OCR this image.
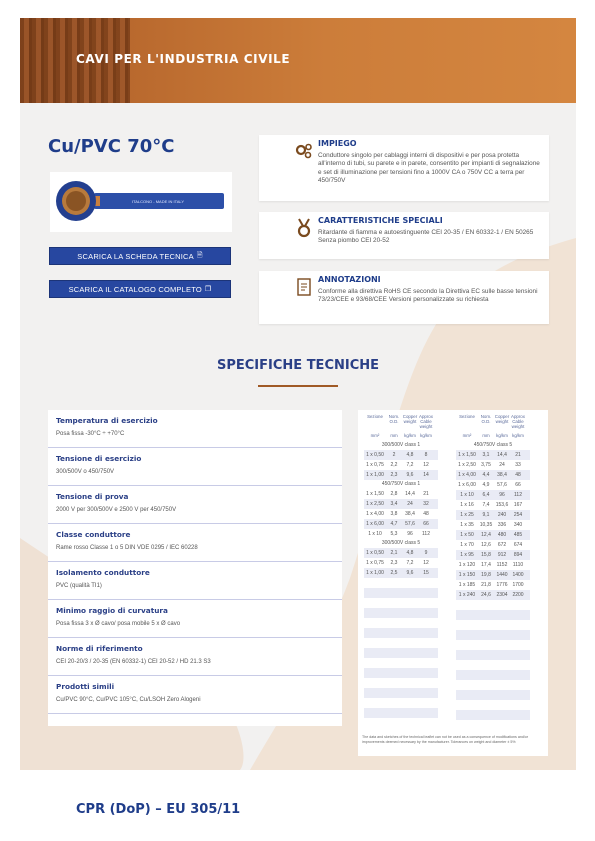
CAVI PER L'INDUSTRIA CIVILE
Cu/PVC 70°C
ITALCONO - MADE IN ITALY
SCARICA LA SCHEDA TECNICA 🗎
SCARICA IL CATALOGO COMPLETO ❐
IMPIEGO
Conduttore singolo per cablaggi interni di dispositivi e per posa protetta all'interno di tubi, su parete e in parete, consentito per impianti di segnalazione e set di illuminazione per tensioni fino a 1000V CA o 750V CC a terra per 450/750V
CARATTERISTICHE SPECIALI
Ritardante di fiamma e autoestinguente CEI 20-35 / EN 60332-1 / EN 50265 Senza piombo CEI 20-52
ANNOTAZIONI
Conforme alla direttiva RoHS CE secondo la Direttiva EC sulle basse tensioni 73/23/CEE e 93/68/CEE Versioni personalizzate su richiesta
SPECIFICHE TECNICHE
Temperatura di esercizio
Posa fissa -30°C ÷ +70°C
Tensione di esercizio
300/500V o 450/750V
Tensione di prova
2000 V per 300/500V e 2500 V per 450/750V
Classe conduttore
Rame rosso Classe 1 o 5 DIN VDE 0295 / IEC 60228
Isolamento conduttore
PVC (qualità TI1)
Minimo raggio di curvatura
Posa fissa 3 x Ø cavo/ posa mobile 5 x Ø cavo
Norme di riferimento
CEI 20-20/3 / 20-35 (EN 60332-1) CEI 20-52 / HD 21.3 S3
Prodotti simili
Cu/PVC 90°C, Cu/PVC 105°C, Cu/LSOH Zero Alogeni
The data and sketches of the technical leaflet can not be used as a consequence of modifications and/or improvements deemed necessary by the manufacturer. Tolerances on weight and diameter ± 5%
Sezione
mm²
Nom. O.D.
mm
Copper weight
kg/km
Approx Cable weight
kg/km
300/500V class 1
1 x 0,50	2	4,8	8
1 x 0,75	2,2	7,2	12
1 x 1,00	2,3	9,6	14
450/750V class 1
1 x 1,50	2,8	14,4	21
1 x 2,50	3,4	24	32
1 x 4,00	3,8	38,4	48
1 x 6,00	4,7	57,6	66
1 x 10	5,3	96	112
300/500V class 5
1 x 0,50	2,1	4,8	9
1 x 0,75	2,3	7,2	12
1 x 1,00	2,5	9,6	15
Sezione
mm²
Nom. O.D.
mm
Copper weight
kg/km
Approx Cable weight
kg/km
450/750V class 5
1 x 1,50	3,1	14,4	21
1 x 2,50	3,75	24	33
1 x 4,00	4,4	38,4	48
1 x 6,00	4,9	57,6	66
1 x 10	6,4	96	112
1 x 16	7,4	153,6	167
1 x 25	9,1	240	254
1 x 35	10,35	336	340
1 x 50	12,4	480	485
1 x 70	12,6	672	674
1 x 95	15,8	912	894
1 x 120	17,4	1152	1110
1 x 150	19,8	1440 1400
1 x 185	21,8	1776 1700
1 x 240	24,6	2304 2200
CPR (DoP) – EU 305/11
